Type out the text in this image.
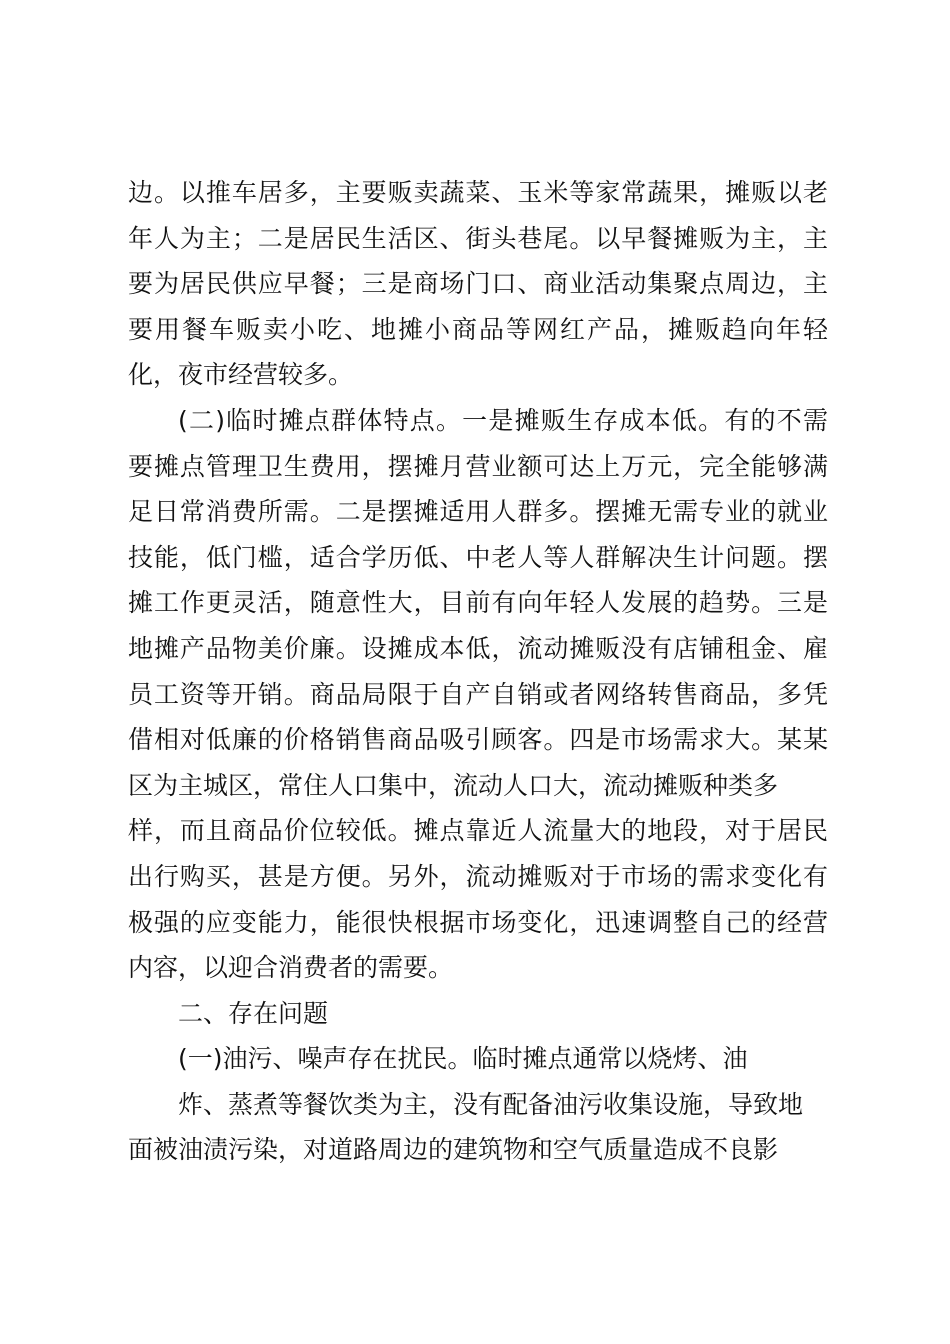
边。以推车居多，主要贩卖蔬菜、玉米等家常蔬果，摊贩以老
年人为主；二是居民生活区、街头巷尾。以早餐摊贩为主，主
要为居民供应早餐；三是商场门口、商业活动集聚点周边，主
要用餐车贩卖小吃、地摊小商品等网红产品，摊贩趋向年轻
化，夜市经营较多。
(二)临时摊点群体特点。一是摊贩生存成本低。有的不需
要摊点管理卫生费用，摆摊月营业额可达上万元，完全能够满
足日常消费所需。二是摆摊适用人群多。摆摊无需专业的就业
技能，低门槛，适合学历低、中老人等人群解决生计问题。摆
摊工作更灵活，随意性大，目前有向年轻人发展的趋势。三是
地摊产品物美价廉。设摊成本低，流动摊贩没有店铺租金、雇
员工资等开销。商品局限于自产自销或者网络转售商品，多凭
借相对低廉的价格销售商品吸引顾客。四是市场需求大。某某
区为主城区，常住人口集中，流动人口大，流动摊贩种类多
样，而且商品价位较低。摊点靠近人流量大的地段，对于居民
出行购买，甚是方便。另外，流动摊贩对于市场的需求变化有
极强的应变能力，能很快根据市场变化，迅速调整自己的经营
内容，以迎合消费者的需要。
二、存在问题
(一)油污、噪声存在扰民。临时摊点通常以烧烤、油
炸、蒸煮等餐饮类为主，没有配备油污收集设施，导致地
面被油渍污染，对道路周边的建筑物和空气质量造成不良影
